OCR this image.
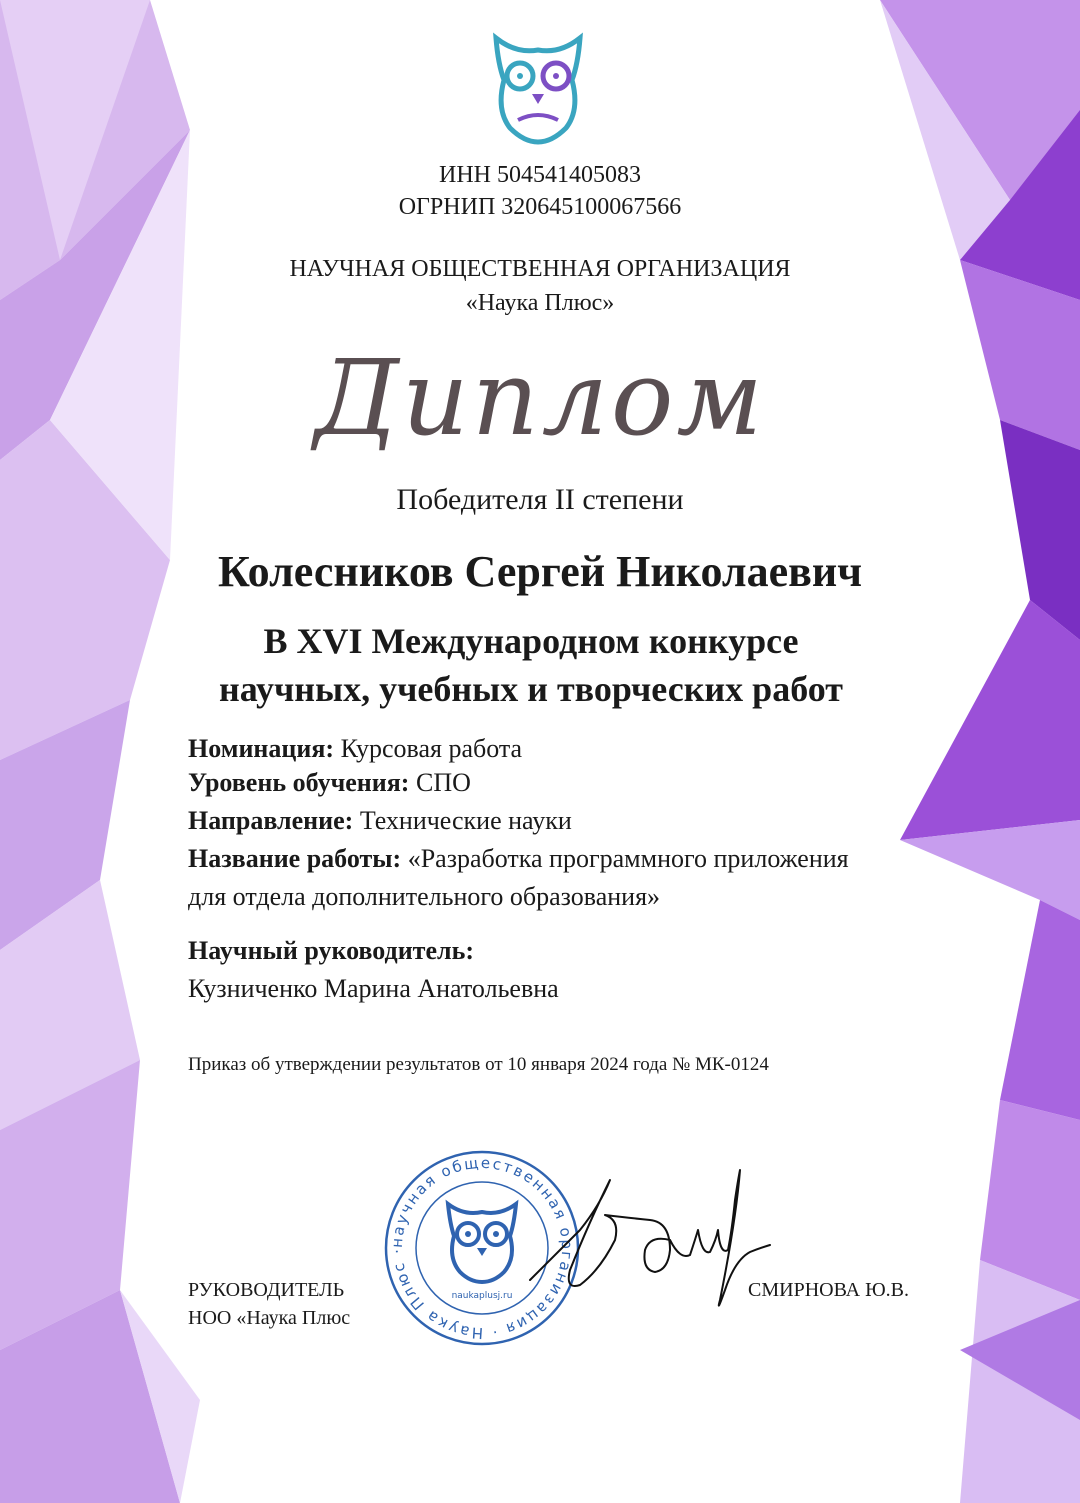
ИНН 504541405083
ОГРНИП 320645100067566
НАУЧНАЯ ОБЩЕСТВЕННАЯ ОРГАНИЗАЦИЯ
«Наука Плюс»
Диплом
Победителя II степени
Колесников Сергей Николаевич
В XVI Международном конкурсе
научных, учебных и творческих работ
Номинация: Курсовая работа
Уровень обучения: СПО
Направление: Технические науки
Название работы: «Разработка программного приложения
для отдела дополнительного образования»
Научный руководитель:
Кузниченко Марина Анатольевна
Приказ об утверждении результатов от 10 января 2024 года № МК-0124
РУКОВОДИТЕЛЬ
НОО «Наука Плюс
СМИРНОВА Ю.В.
научная общественная организация · Наука Плюс ·
naukaplusj.ru
